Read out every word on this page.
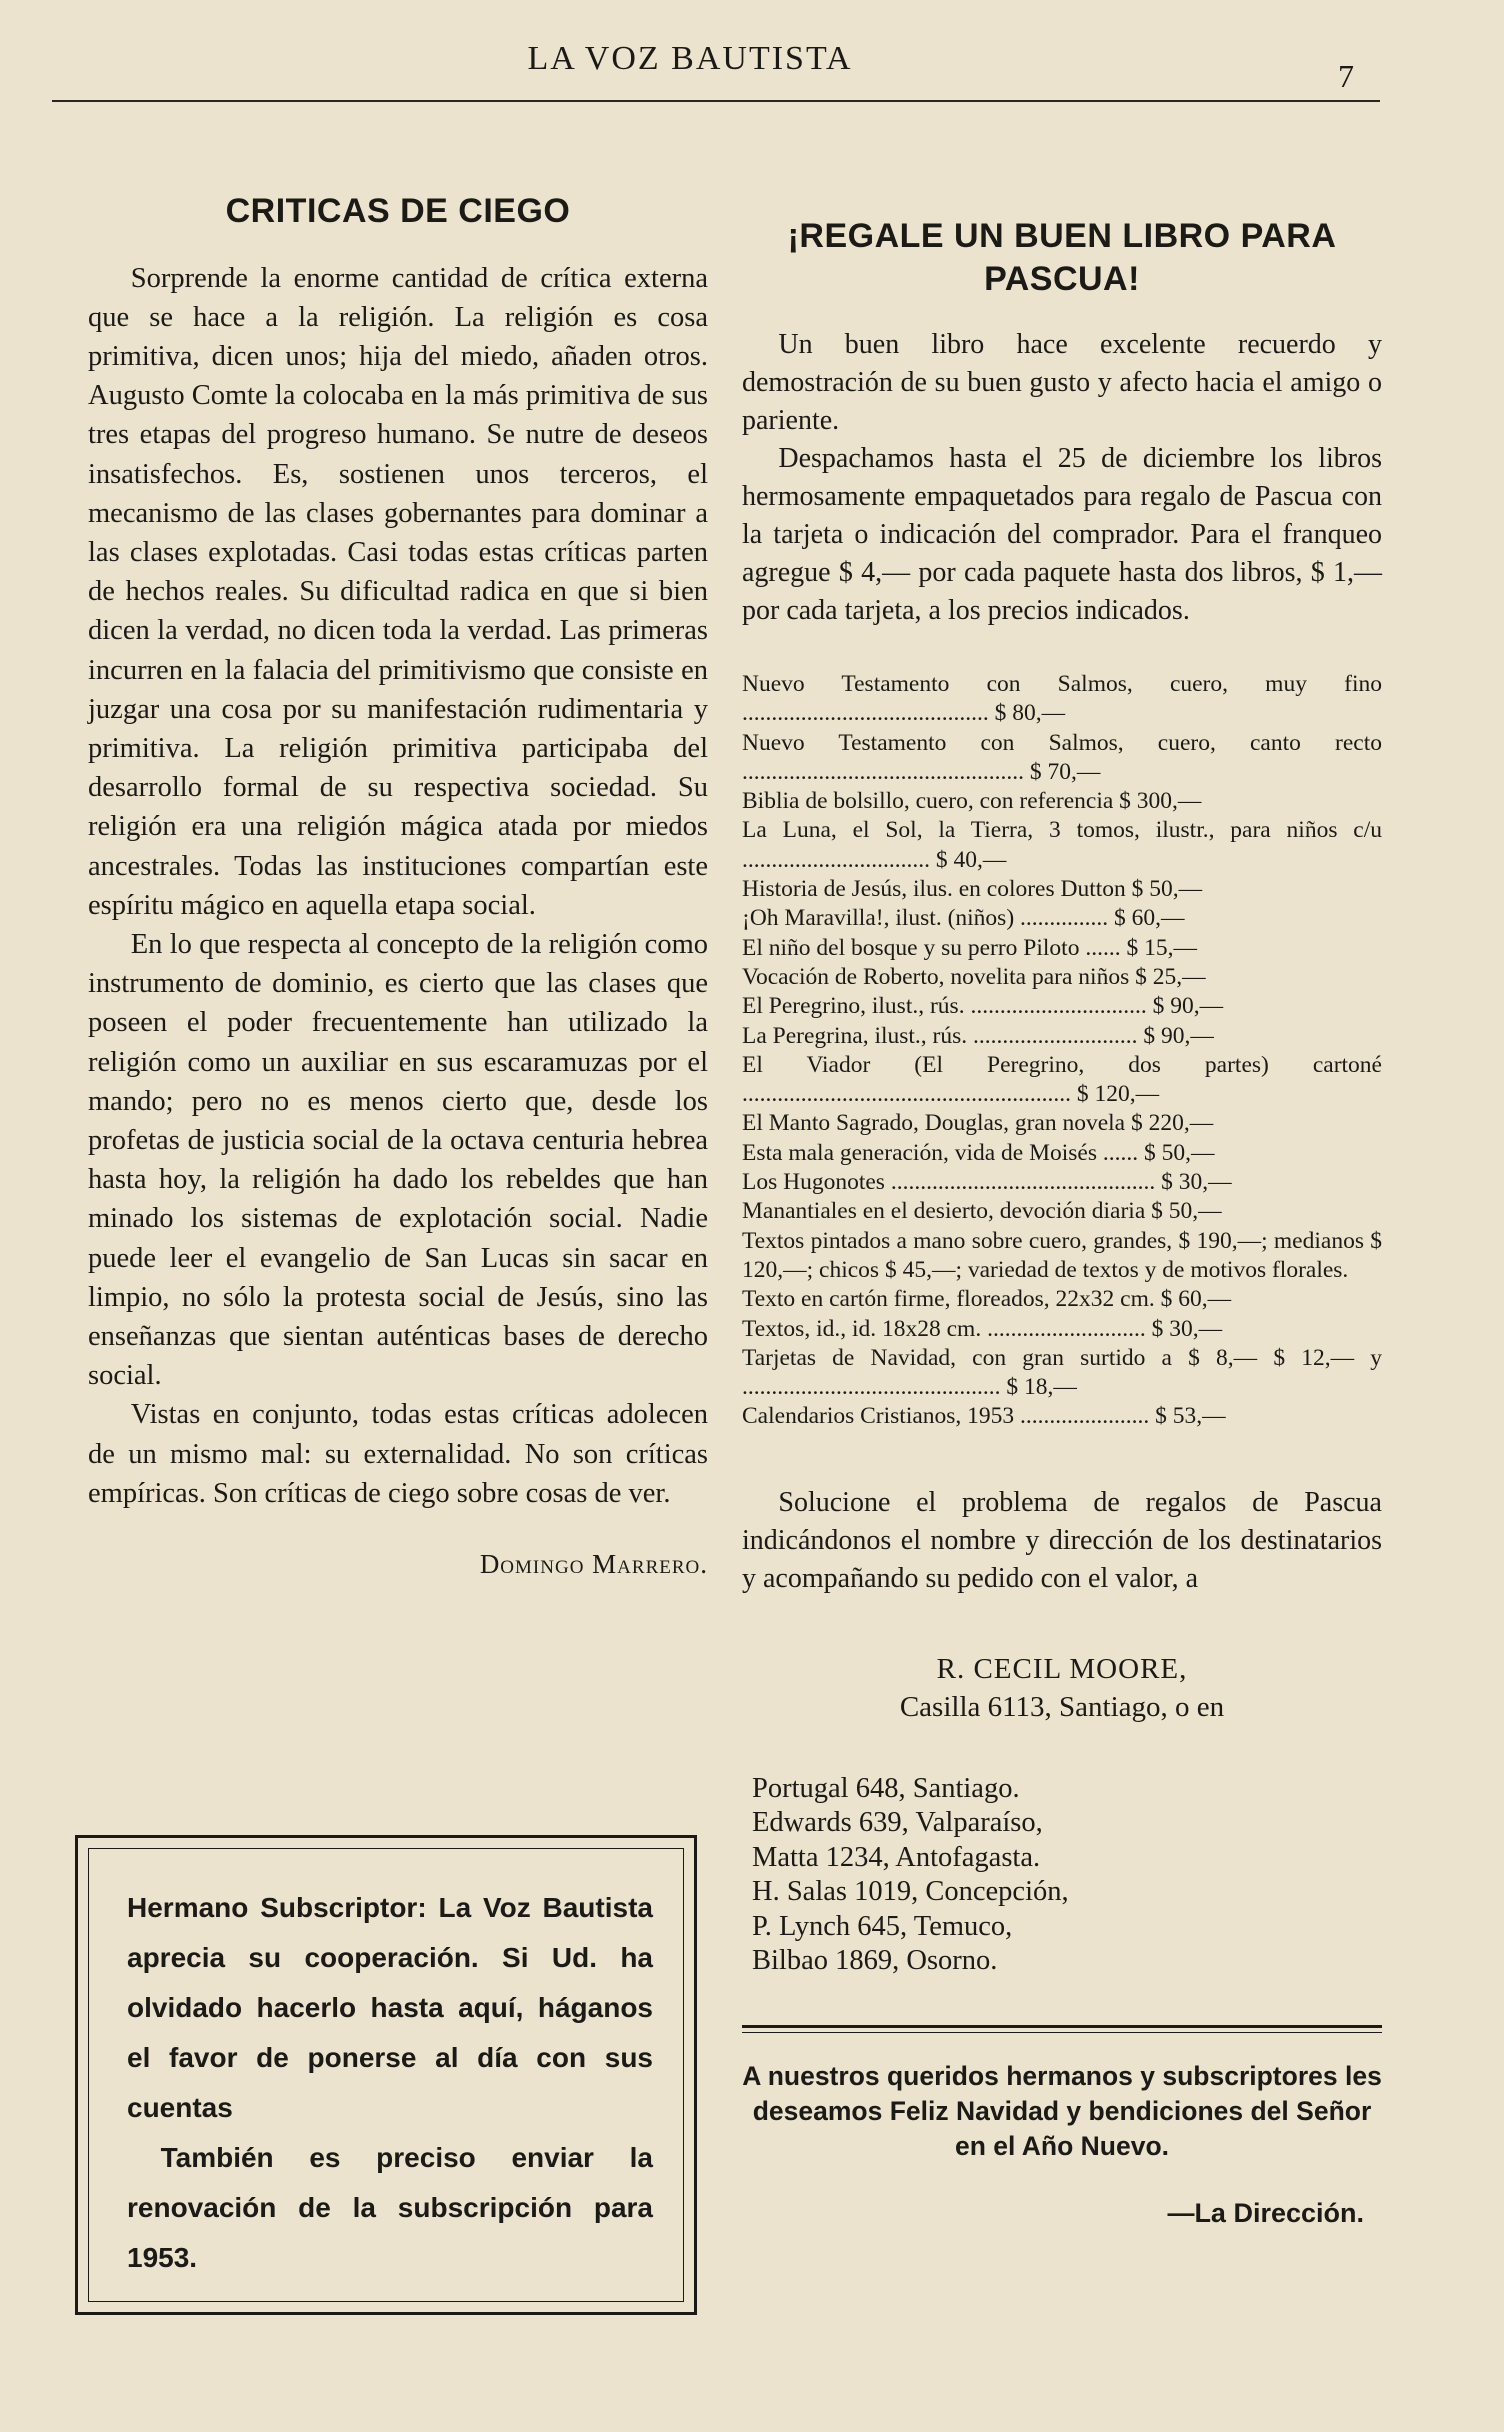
LA VOZ BAUTISTA	7
CRITICAS DE CIEGO

Sorprende la enorme cantidad de crítica externa que se hace a la religión. La religión es cosa primitiva, dicen unos; hija del miedo, añaden otros. Augusto Comte la colocaba en la más primitiva de sus tres etapas del progreso humano. Se nutre de deseos insatisfechos. Es, sostienen unos terceros, el mecanismo de las clases gobernantes para dominar a las clases explotadas. Casi todas estas críticas parten de hechos reales. Su dificultad radica en que si bien dicen la verdad, no dicen toda la verdad. Las primeras incurren en la falacia del primitivismo que consiste en juzgar una cosa por su manifestación rudimentaria y primitiva. La religión primitiva participaba del desarrollo formal de su respectiva sociedad. Su religión era una religión mágica atada por miedos ancestrales. Todas las instituciones compartían este espíritu mágico en aquella etapa social.

En lo que respecta al concepto de la religión como instrumento de dominio, es cierto que las clases que poseen el poder frecuentemente han utilizado la religión como un auxiliar en sus escaramuzas por el mando; pero no es menos cierto que, desde los profetas de justicia social de la octava centuria hebrea hasta hoy, la religión ha dado los rebeldes que han minado los sistemas de explotación social. Nadie puede leer el evangelio de San Lucas sin sacar en limpio, no sólo la protesta social de Jesús, sino las enseñanzas que sientan auténticas bases de derecho social.

Vistas en conjunto, todas estas críticas adolecen de un mismo mal: su externalidad. No son críticas empíricas. Son críticas de ciego sobre cosas de ver.

Domingo Marrero.

Hermano Subscriptor: La Voz Bautista aprecia su cooperación. Si Ud. ha olvidado hacerlo hasta aquí, háganos el favor de ponerse al día con sus cuentas

También es preciso enviar la renovación de la subscripción para 1953.

¡REGALE UN BUEN LIBRO PARA PASCUA!

Un buen libro hace excelente recuerdo y demostración de su buen gusto y afecto hacia el amigo o pariente.

Despachamos hasta el 25 de diciembre los libros hermosamente empaquetados para regalo de Pascua con la tarjeta o indicación del comprador. Para el franqueo agregue $ 4,— por cada paquete hasta dos libros, $ 1,— por cada tarjeta, a los precios indicados.

Nuevo Testamento con Salmos, cuero, muy fino .......................................... $ 80,—
Nuevo Testamento con Salmos, cuero, canto recto ................................................ $ 70,—
Biblia de bolsillo, cuero, con referencia $ 300,—
La Luna, el Sol, la Tierra, 3 tomos, ilustr., para niños c/u ................................ $ 40,—
Historia de Jesús, ilus. en colores Dutton $ 50,—
¡Oh Maravilla!, ilust. (niños) ............... $ 60,—
El niño del bosque y su perro Piloto ...... $ 15,—
Vocación de Roberto, novelita para niños $ 25,—
El Peregrino, ilust., rús. .............................. $ 90,—
La Peregrina, ilust., rús. ............................ $ 90,—
El Viador (El Peregrino, dos partes) cartoné ........................................................ $ 120,—
El Manto Sagrado, Douglas, gran novela $ 220,—
Esta mala generación, vida de Moisés ...... $ 50,—
Los Hugonotes ............................................. $ 30,—
Manantiales en el desierto, devoción diaria $ 50,—
Textos pintados a mano sobre cuero, grandes, $ 190,—; medianos $ 120,—; chicos $ 45,—; variedad de textos y de motivos florales.
Texto en cartón firme, floreados, 22x32 cm. $ 60,—
Textos, id., id. 18x28 cm. ........................... $ 30,—
Tarjetas de Navidad, con gran surtido a $ 8,— $ 12,— y ............................................ $ 18,—
Calendarios Cristianos, 1953 ...................... $ 53,—

Solucione el problema de regalos de Pascua indicándonos el nombre y dirección de los destinatarios y acompañando su pedido con el valor, a

R. CECIL MOORE,
Casilla 6113, Santiago, o en
Portugal 648, Santiago.
Edwards 639, Valparaíso,
Matta 1234, Antofagasta.
H. Salas 1019, Concepción,
P. Lynch 645, Temuco,
Bilbao 1869, Osorno.
A nuestros queridos hermanos y subscriptores les deseamos Feliz Navidad y bendiciones del Señor en el Año Nuevo.
—La Dirección.
